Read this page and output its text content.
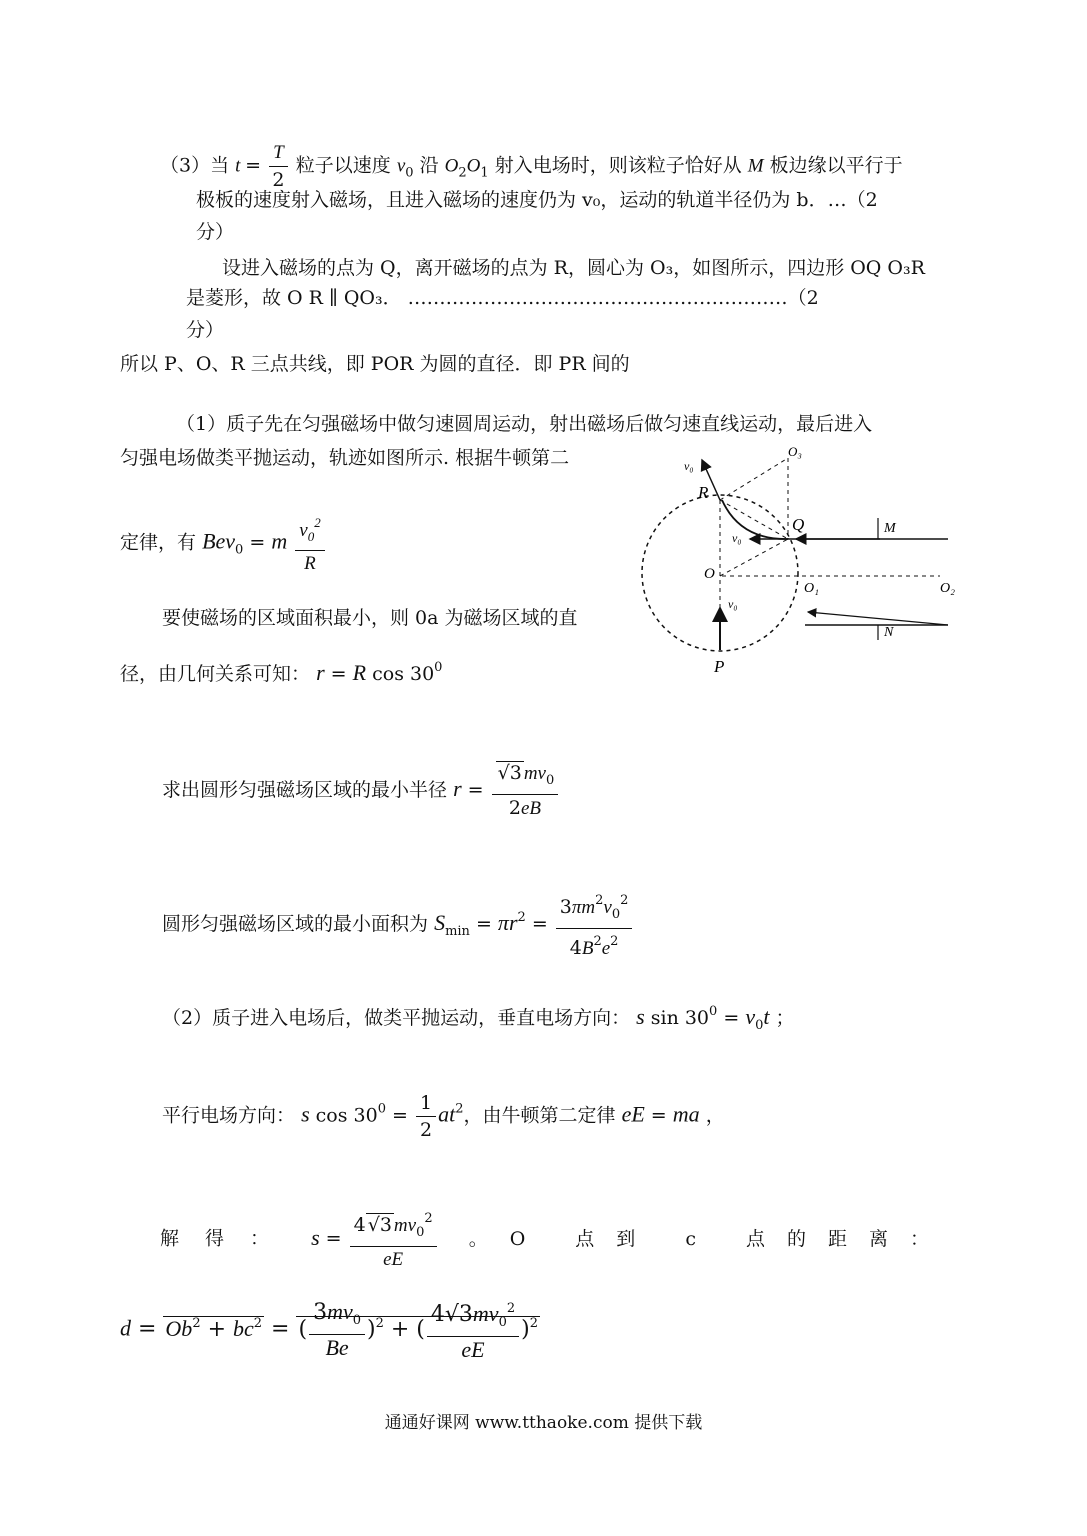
（3）当 $t = \frac{T}{2}$ 粒子以速度 $v_0$ 沿 $O_2O_1$ 射入电场时，则该粒子恰好从 M 板边缘以平行于
极板的速度射入磁场，且进入磁场的速度仍为 v₀，运动的轨道半径仍为 b．…（2
分）
设进入磁场的点为 Q，离开磁场的点为 R，圆心为 O₃，如图所示，四边形 OQ O₃R
是菱形，故 O R ∥ QO₃． ……………………………………………………（2
分）
所以 P、O、R 三点共线，即 POR 为圆的直径．即 PR 间的
（1）质子先在匀强磁场中做匀速圆周运动，射出磁场后做匀速直线运动，最后进入
匀强电场做类平抛运动，轨迹如图所示. 根据牛顿第二
定律，有 Bev$_0$ = m $\frac{v_0^2}{R}$
要使磁场的区域面积最小，则 0a 为磁场区域的直
径，由几何关系可知： r = R $\cos 30^0$
求出圆形匀强磁场区域的最小半径 $r = \frac{√3 mv_0}{2eB}$
圆形匀强磁场区域的最小面积为 $S_{min} = \pi r^2 = \frac{3\pi m^2v_0^2}{4B^2e^2}$
（2）质子进入电场后，做类平抛运动，垂直电场方向： s $\sin 30^0 = v_0t$ ；
平行电场方向： s $\cos 30^0 = \frac{1}{2} at^2$，由牛顿第二定律 eE = ma ，
解得： $s = \frac{4 √3 mv_0^2}{eE}$ 。O 点到 c 点的距离：
$d = Ob^2 + bc^2$ = ( $\frac{3mv_0}{Be} )^2$ + ( $\frac{4√3mv_0^2}{eE} )^2$
v₀
O₃
R
Q	M
v₀
O
O₁	O₂
v₀
N
P
通通好课网 www.tthaoke.com 提供下载
